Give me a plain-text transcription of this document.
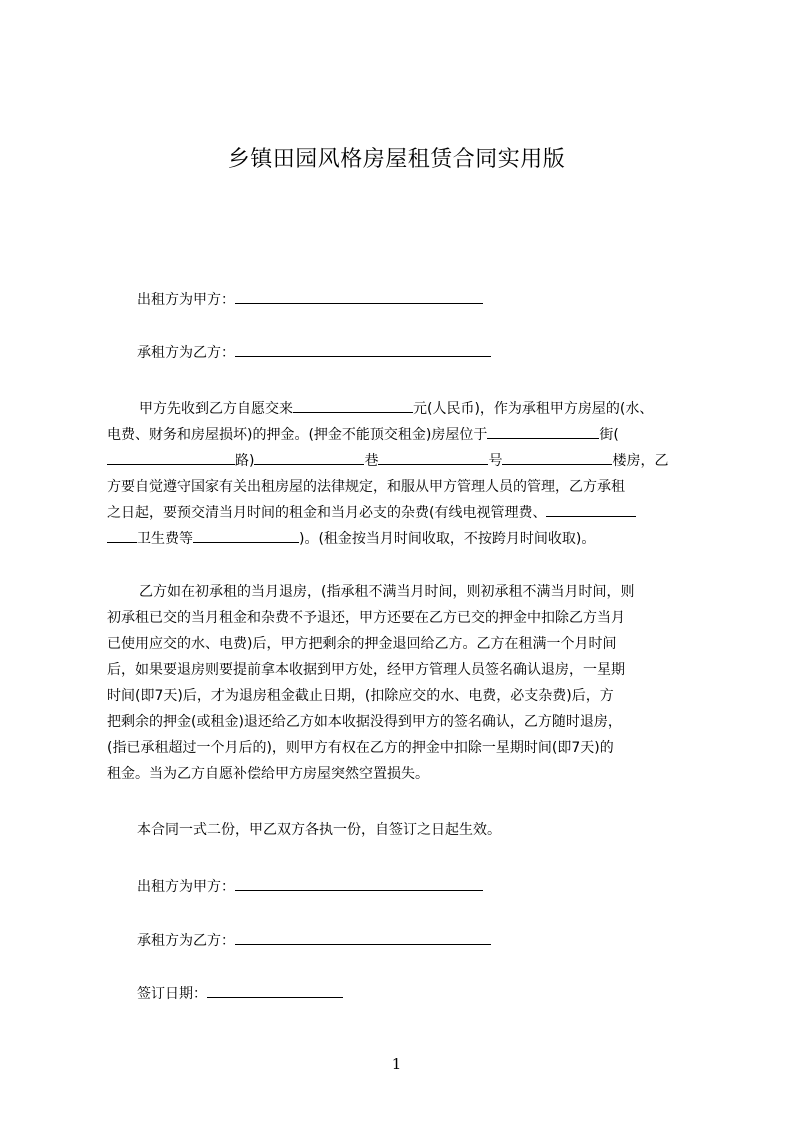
乡镇田园风格房屋租赁合同实用版
出租方为甲方：
承租方为乙方：
甲方先收到乙方自愿交来	元(人民币)，作为承租甲方房屋的(水、
电费、财务和房屋损坏)的押金。(押金不能顶交租金)房屋位于	街(
路)	巷	号	楼房，乙
方要自觉遵守国家有关出租房屋的法律规定，和服从甲方管理人员的管理，乙方承租
之日起，要预交清当月时间的租金和当月必支的杂费(有线电视管理费、
卫生费等	)。(租金按当月时间收取，不按跨月时间收取)。
乙方如在初承租的当月退房，(指承租不满当月时间，则初承租不满当月时间，则
初承租已交的当月租金和杂费不予退还，甲方还要在乙方已交的押金中扣除乙方当月
已使用应交的水、电费)后，甲方把剩余的押金退回给乙方。乙方在租满一个月时间
后，如果要退房则要提前拿本收据到甲方处，经甲方管理人员签名确认退房，一星期
时间(即7天)后，才为退房租金截止日期，(扣除应交的水、电费，必支杂费)后，方
把剩余的押金(或租金)退还给乙方如本收据没得到甲方的签名确认，乙方随时退房，
(指已承租超过一个月后的)，则甲方有权在乙方的押金中扣除一星期时间(即7天)的
租金。当为乙方自愿补偿给甲方房屋突然空置损失。
本合同一式二份，甲乙双方各执一份，自签订之日起生效。
出租方为甲方：
承租方为乙方：
签订日期：
1
